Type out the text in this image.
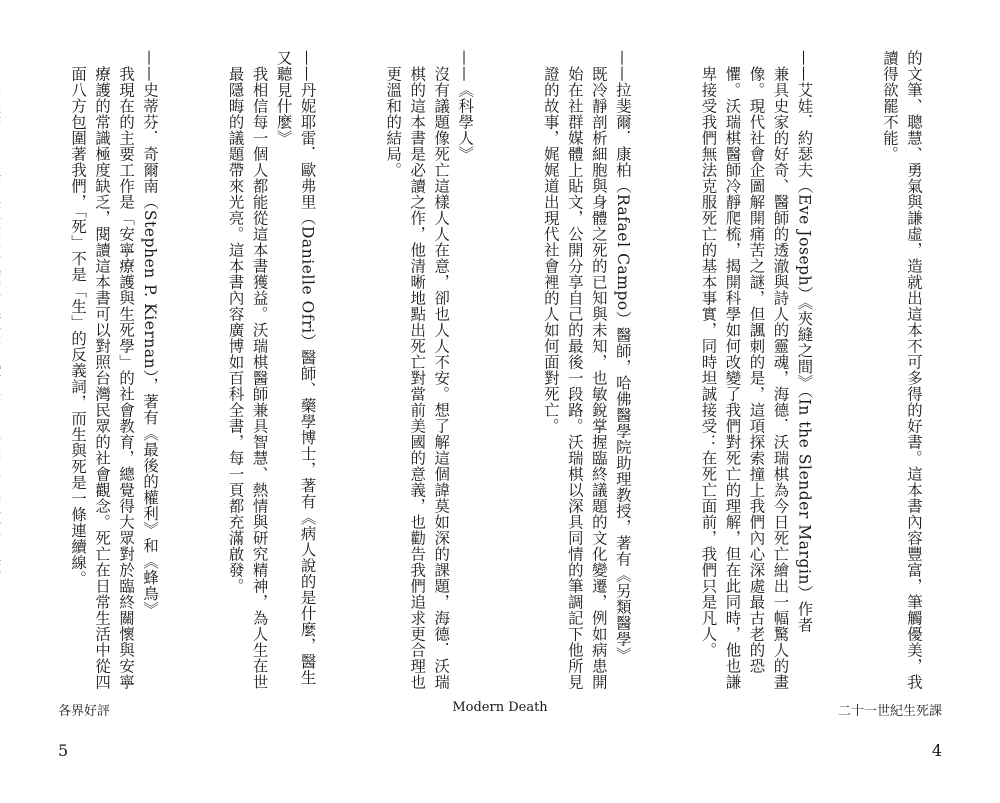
的文筆、聰慧、勇氣與謙虛，造就出這本不可多得的好書。這本書內容豐富，筆觸優美，我讀得欲罷不能。

——艾娃．約瑟夫（Eve Joseph）《夾縫之間》（In the Slender Margin）作者

兼具史家的好奇、醫師的透澈與詩人的靈魂，海德．沃瑞棋為今日死亡繪出一幅驚人的畫像。現代社會企圖解開痛苦之謎，但諷刺的是，這項探索撞上我們內心深處最古老的恐懼。沃瑞棋醫師冷靜爬梳，揭開科學如何改變了我們對死亡的理解，但在此同時，他也謙卑接受我們無法克服死亡的基本事實，同時坦誠接受：在死亡面前，我們只是凡人。

——拉斐爾．康柏（Rafael Campo）醫師，哈佛醫學院助理教授，著有《另類醫學》

既冷靜剖析細胞與身體之死的已知與未知，也敏銳掌握臨終議題的文化變遷，例如病患開始在社群媒體上貼文，公開分享自己的最後一段路。沃瑞棋以深具同情的筆調記下他所見證的故事，娓娓道出現代社會裡的人如何面對死亡。

——《科學人》

沒有議題像死亡這樣人人在意，卻也人人不安。想了解這個諱莫如深的課題，海德．沃瑞棋的這本書是必讀之作，他清晰地點出死亡對當前美國的意義，也勸告我們追求更合理也更溫和的結局。

——丹妮耶雷．歐弗里（Danielle Ofri）醫師、藥學博士，著有《病人說的是什麼，醫生又聽見什麼》

我相信每一個人都能從這本書獲益。沃瑞棋醫師兼具智慧、熱情與研究精神，為人生在世最隱晦的議題帶來光亮。這本書內容廣博如百科全書，每一頁都充滿啟發。

——史蒂芬．奇爾南（Stephen P. Kiernan），著有《最後的權利》和《蜂鳥》

我現在的主要工作是「安寧療護與生死學」的社會教育，總覺得大眾對於臨終關懷與安寧療護的常識極度缺乏，閱讀這本書可以對照台灣民眾的社會觀念。死亡在日常生活中從四面八方包圍著我們，「死」不是「生」的反義詞，而生與死是一條連續線。

各界好評	Modern Death	二十一世紀生死課
5	4
